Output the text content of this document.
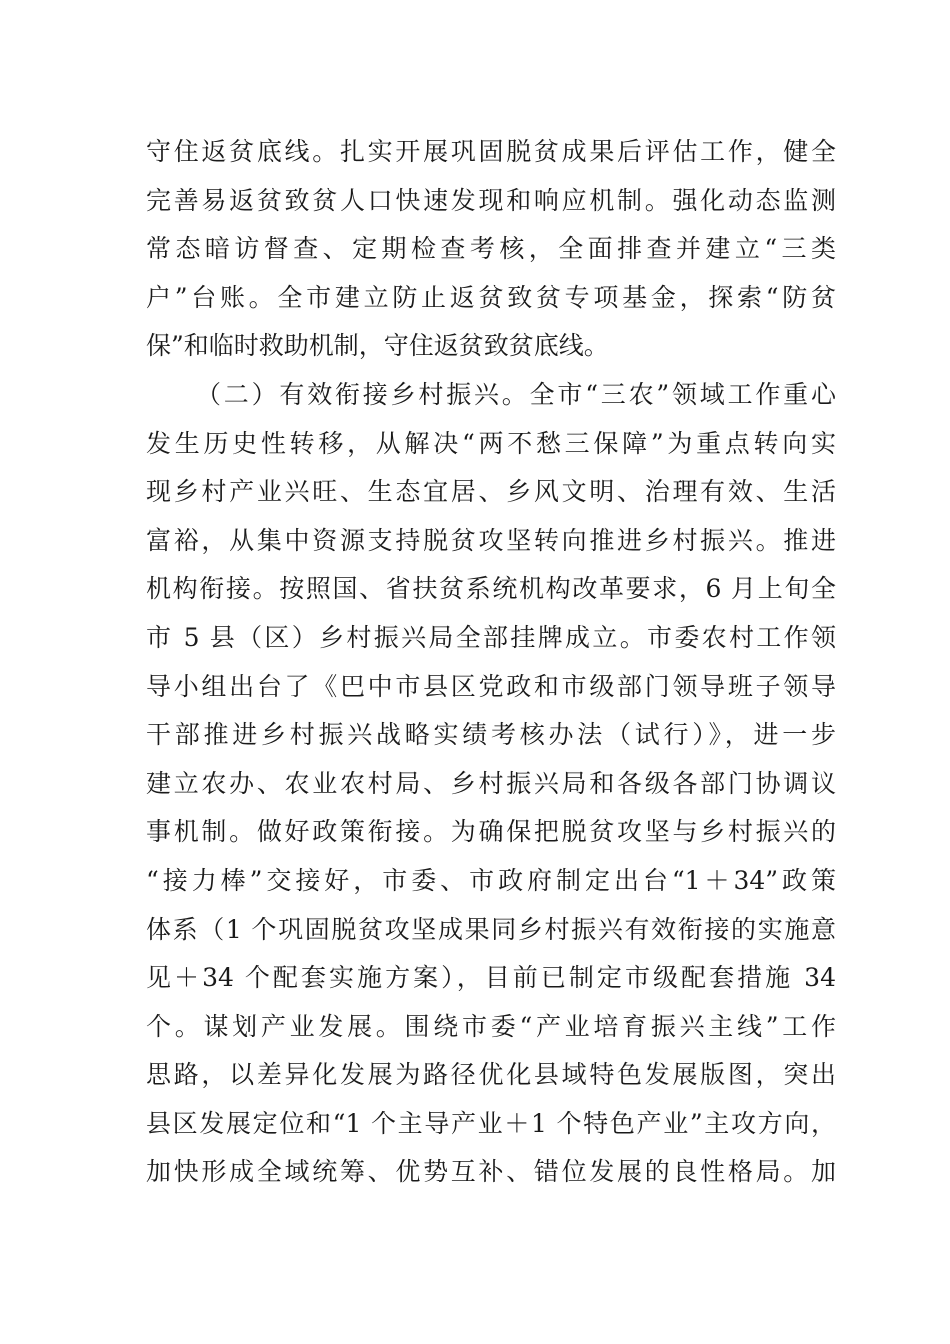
守住返贫底线。扎实开展巩固脱贫成果后评估工作，健全
完善易返贫致贫人口快速发现和响应机制。强化动态监测
常态暗访督查、定期检查考核，全面排查并建立“三类
户”台账。全市建立防止返贫致贫专项基金，探索“防贫
保”和临时救助机制，守住返贫致贫底线。
（二）有效衔接乡村振兴。全市“三农”领域工作重心
发生历史性转移，从解决“两不愁三保障”为重点转向实
现乡村产业兴旺、生态宜居、乡风文明、治理有效、生活
富裕，从集中资源支持脱贫攻坚转向推进乡村振兴。推进
机构衔接。按照国、省扶贫系统机构改革要求，6 月上旬全
市 5 县（区）乡村振兴局全部挂牌成立。市委农村工作领
导小组出台了《巴中市县区党政和市级部门领导班子领导
干部推进乡村振兴战略实绩考核办法（试行）》，进一步
建立农办、农业农村局、乡村振兴局和各级各部门协调议
事机制。做好政策衔接。为确保把脱贫攻坚与乡村振兴的
“接力棒”交接好，市委、市政府制定出台“1＋34”政策
体系（1 个巩固脱贫攻坚成果同乡村振兴有效衔接的实施意
见＋34 个配套实施方案），目前已制定市级配套措施 34
个。谋划产业发展。围绕市委“产业培育振兴主线”工作
思路，以差异化发展为路径优化县域特色发展版图，突出
县区发展定位和“1 个主导产业＋1 个特色产业”主攻方向，
加快形成全域统筹、优势互补、错位发展的良性格局。加
